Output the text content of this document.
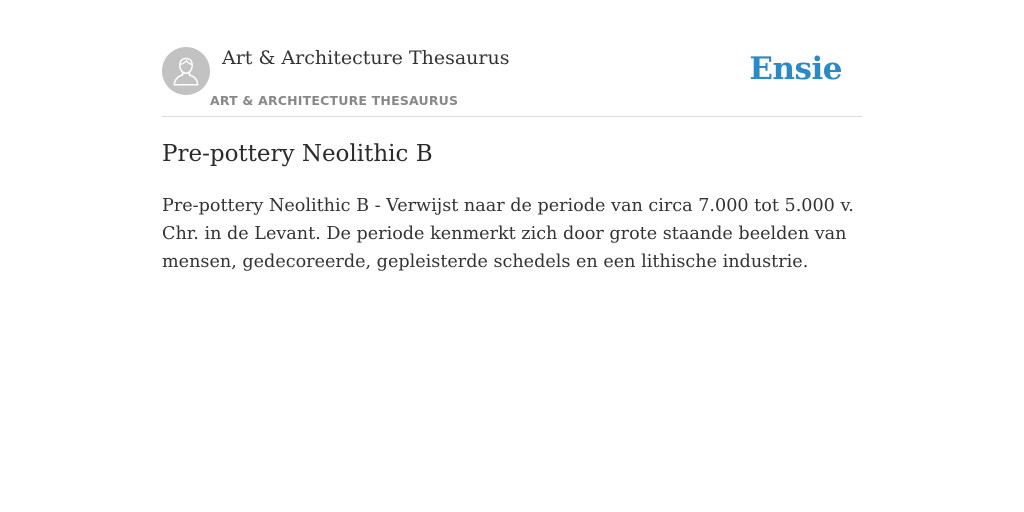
Art & Architecture Thesaurus
ART & ARCHITECTURE THESAURUS
Ensie
Pre-pottery Neolithic B

Pre-pottery Neolithic B - Verwijst naar de periode van circa 7.000 tot 5.000 v. Chr. in de Levant. De periode kenmerkt zich door grote staande beelden van mensen, gedecoreerde, gepleisterde schedels en een lithische industrie.
